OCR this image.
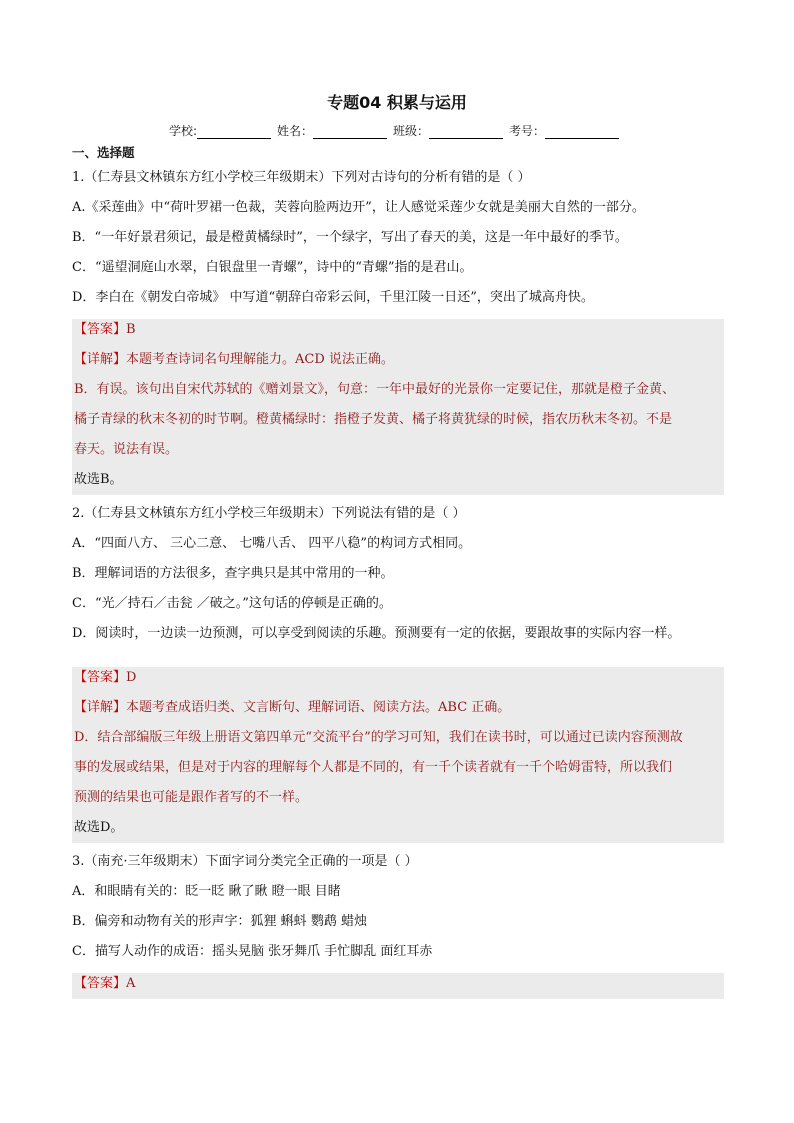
专题04 积累与运用
学校:	姓名：	班级：	考号：
一、选择题
1.（仁寿县文林镇东方红小学校三年级期末）下列对古诗句的分析有错的是（ ）
A.《采莲曲》中“荷叶罗裙一色裁，芙蓉向脸两边开”，让人感觉采莲少女就是美丽大自然的一部分。
B．“一年好景君须记，最是橙黄橘绿时”，一个绿字，写出了春天的美，这是一年中最好的季节。
C．“遥望洞庭山水翠，白银盘里一青螺”，诗中的“青螺”指的是君山。
D．李白在《朝发白帝城》 中写道“朝辞白帝彩云间，千里江陵一日还”，突出了城高舟快。
【答案】B
【详解】本题考查诗词名句理解能力。ACD 说法正确。
B．有误。该句出自宋代苏轼的《赠刘景文》，句意：一年中最好的光景你一定要记住，那就是橙子金黄、
橘子青绿的秋末冬初的时节啊。橙黄橘绿时：指橙子发黄、橘子将黄犹绿的时候，指农历秋末冬初。不是
春天。说法有误。
故选B。
2.（仁寿县文林镇东方红小学校三年级期末）下列说法有错的是（ ）
A．“四面八方、 三心二意、 七嘴八舌、 四平八稳”的构词方式相同。
B．理解词语的方法很多，查字典只是其中常用的一种。
C．“光／持石／击瓮 ／破之。”这句话的停顿是正确的。
D．阅读时，一边读一边预测，可以享受到阅读的乐趣。预测要有一定的依据，要跟故事的实际内容一样。
【答案】D
【详解】本题考查成语归类、文言断句、理解词语、阅读方法。ABC 正确。
D．结合部编版三年级上册语文第四单元“交流平台”的学习可知，我们在读书时，可以通过已读内容预测故
事的发展或结果，但是对于内容的理解每个人都是不同的，有一千个读者就有一千个哈姆雷特，所以我们
预测的结果也可能是跟作者写的不一样。
故选D。
3.（南充·三年级期末）下面字词分类完全正确的一项是（ ）
A．和眼睛有关的：眨一眨 瞅了瞅 瞪一眼 目睹
B．偏旁和动物有关的形声字：狐狸 蝌蚪 鹦鹉 蜡烛
C．描写人动作的成语：摇头晃脑 张牙舞爪 手忙脚乱 面红耳赤
【答案】A
